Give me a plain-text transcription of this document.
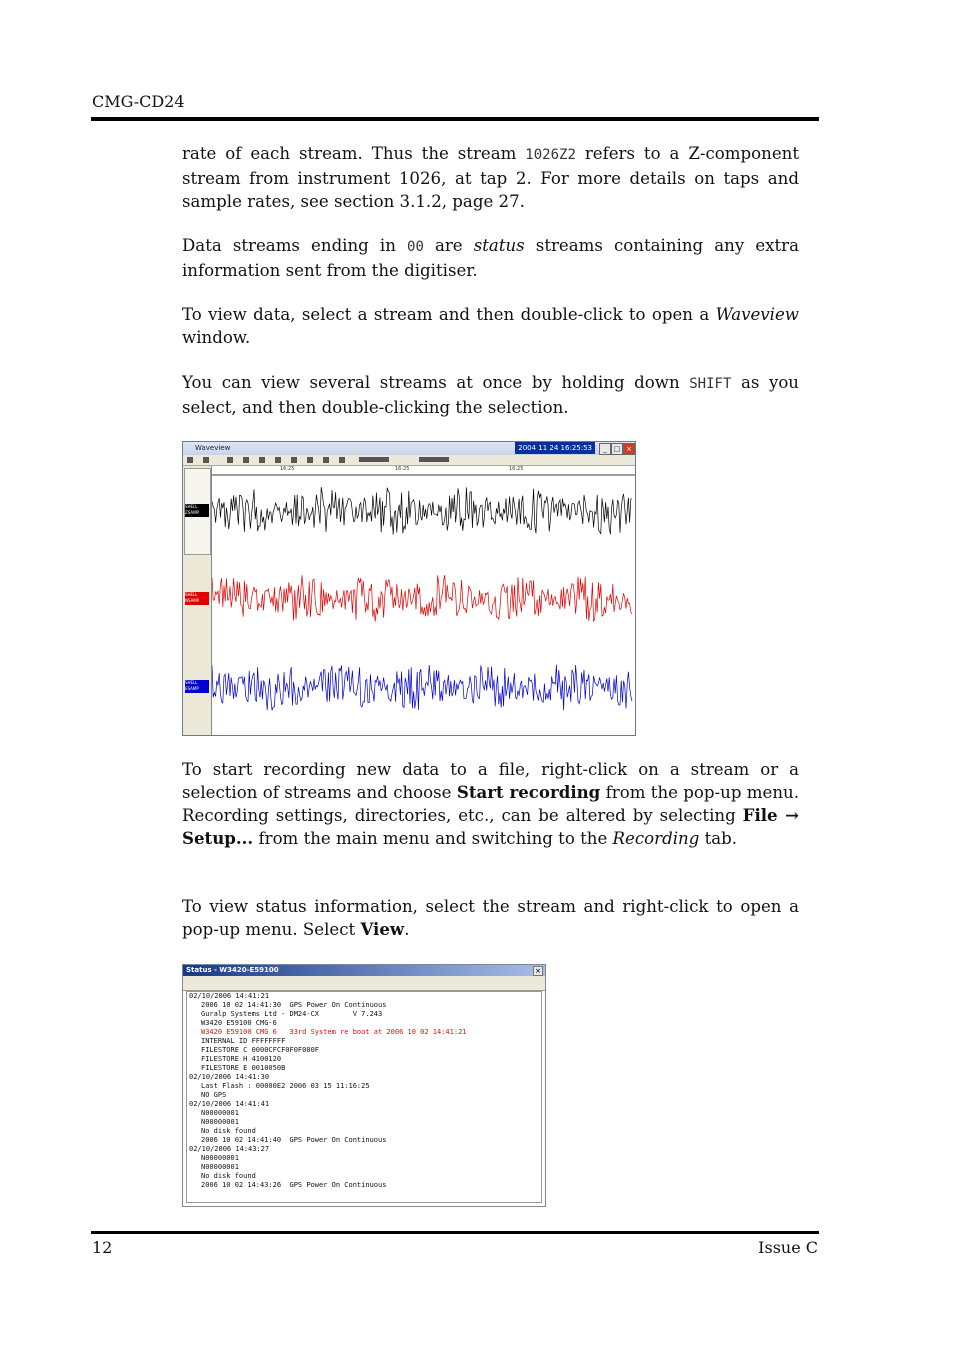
CMG-CD24
rate of each stream. Thus the stream 1026Z2 refers to a Z-component stream from instrument 1026, at tap 2. For more details on taps and sample rates, see section 3.1.2, page 27.
Data streams ending in 00 are status streams containing any extra information sent from the digitiser.
To view data, select a stream and then double-click to open a Waveview window.
You can view several streams at once by holding down SHIFT as you select, and then double-clicking the selection.
Waveview	2004 11 24 16:25:53	_ □ ×
16:25	16:25	16:25
SHELL ZSAMP
SHELL NSAMP
SHELL ESAMP
To start recording new data to a file, right-click on a stream or a selection of streams and choose Start recording from the pop-up menu. Recording settings, directories, etc., can be altered by selecting File → Setup... from the main menu and switching to the Recording tab.
To view status information, select the stream and right-click to open a pop-up menu. Select View.
Status - W3420-E59100	×
02/10/2006 14:41:21
2006 10 02 14:41:30  GPS Power On Continuous
Guralp Systems Ltd - DM24-CX        V 7.243
W3420 E59100 CMG-6
W3420 E59100 CMG 6   33rd System re boot at 2006 10 02 14:41:21
INTERNAL ID FFFFFFFF
FILESTORE C 0000CFCF0F0F000F
FILESTORE H 4100120
FILESTORE E 0010050B
02/10/2006 14:41:30
Last Flash : 00000E2 2006 03 15 11:16:25
NO GPS
02/10/2006 14:41:41
N00000001
N00000001
No disk found
2006 10 02 14:41:40  GPS Power On Continuous
02/10/2006 14:43:27
N00000001
N00000001
No disk found
2006 10 02 14:43:26  GPS Power On Continuous
12	Issue C
